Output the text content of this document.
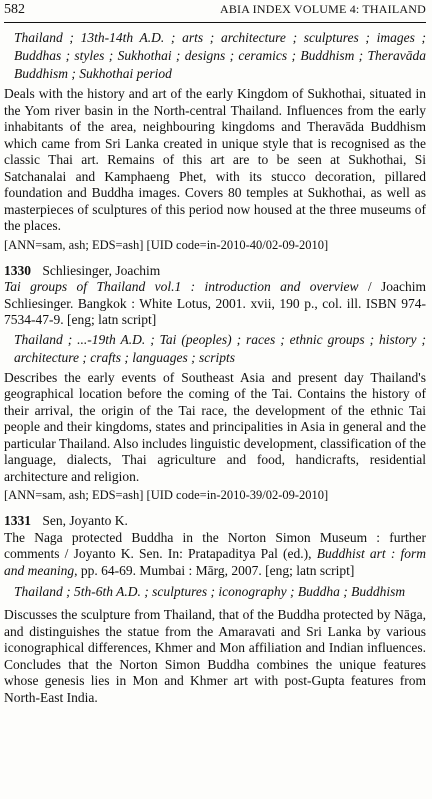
582	ABIA INDEX VOLUME 4: THAILAND
Thailand ; 13th-14th A.D. ; arts ; architecture ; sculptures ; images ; Buddhas ; styles ; Sukhothai ; designs ; ceramics ; Buddhism ; Theravāda Buddhism ; Sukhothai period
Deals with the history and art of the early Kingdom of Sukhothai, situated in the Yom river basin in the North-central Thailand. Influences from the early inhabitants of the area, neighbouring kingdoms and Theravāda Buddhism which came from Sri Lanka created in unique style that is recognised as the classic Thai art. Remains of this art are to be seen at Sukhothai, Si Satchanalai and Kamphaeng Phet, with its stucco decoration, pillared foundation and Buddha images. Covers 80 temples at Sukhothai, as well as masterpieces of sculptures of this period now housed at the three museums of the places.
[ANN=sam, ash; EDS=ash] [UID code=in-2010-40/02-09-2010]
1330 Schliesinger, Joachim
Tai groups of Thailand vol.1 : introduction and overview / Joachim Schliesinger. Bangkok : White Lotus, 2001. xvii, 190 p., col. ill. ISBN 974-7534-47-9. [eng; latn script]
Thailand ; ...-19th A.D. ; Tai (peoples) ; races ; ethnic groups ; history ; architecture ; crafts ; languages ; scripts
Describes the early events of Southeast Asia and present day Thailand's geographical location before the coming of the Tai. Contains the history of their arrival, the origin of the Tai race, the development of the ethnic Tai people and their kingdoms, states and principalities in Asia in general and the particular Thailand. Also includes linguistic development, classification of the language, dialects, Thai agriculture and food, handicrafts, residential architecture and religion.
[ANN=sam, ash; EDS=ash] [UID code=in-2010-39/02-09-2010]
1331 Sen, Joyanto K.
The Naga protected Buddha in the Norton Simon Museum : further comments / Joyanto K. Sen. In: Pratapaditya Pal (ed.), Buddhist art : form and meaning, pp. 64-69. Mumbai : Mārg, 2007. [eng; latn script]
Thailand ; 5th-6th A.D. ; sculptures ; iconography ; Buddha ; Buddhism
Discusses the sculpture from Thailand, that of the Buddha protected by Nāga, and distinguishes the statue from the Amaravati and Sri Lanka by various iconographical differences, Khmer and Mon affiliation and Indian influences. Concludes that the Norton Simon Buddha combines the unique features whose genesis lies in Mon and Khmer art with post-Gupta features from North-East India.
